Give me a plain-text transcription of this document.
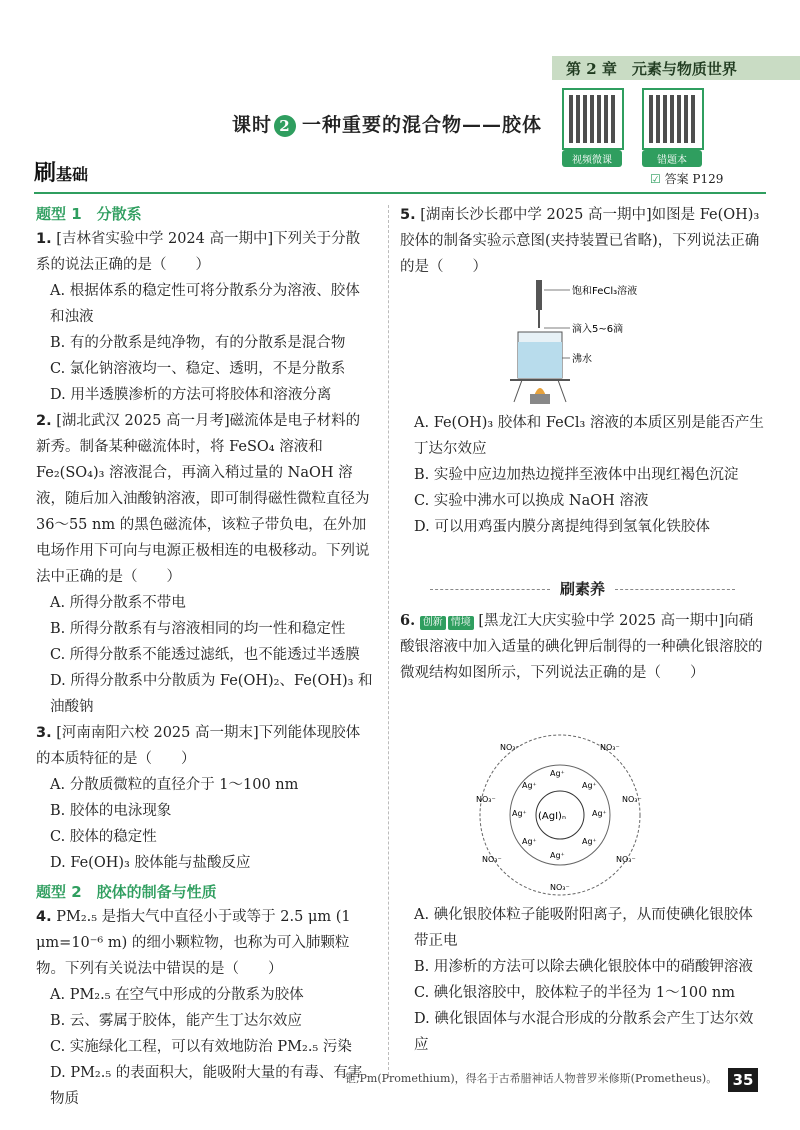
第 2 章　元素与物质世界
课时 2 一种重要的混合物——胶体
视频微课	错题本
刷基础	☑ 答案 P129
题型 1　分散系
1. [吉林省实验中学 2024 高一期中]下列关于分散系的说法正确的是（　　）
A. 根据体系的稳定性可将分散系分为溶液、胶体和浊液
B. 有的分散系是纯净物，有的分散系是混合物
C. 氯化钠溶液均一、稳定、透明，不是分散系
D. 用半透膜渗析的方法可将胶体和溶液分离
2. [湖北武汉 2025 高一月考]磁流体是电子材料的新秀。制备某种磁流体时，将 FeSO₄ 溶液和 Fe₂(SO₄)₃ 溶液混合，再滴入稍过量的 NaOH 溶液，随后加入油酸钠溶液，即可制得磁性微粒直径为 36～55 nm 的黑色磁流体，该粒子带负电，在外加电场作用下可向与电源正极相连的电极移动。下列说法中正确的是（　　）
A. 所得分散系不带电
B. 所得分散系有与溶液相同的均一性和稳定性
C. 所得分散系不能透过滤纸，也不能透过半透膜
D. 所得分散系中分散质为 Fe(OH)₂、Fe(OH)₃ 和油酸钠
3. [河南南阳六校 2025 高一期末]下列能体现胶体的本质特征的是（　　）
A. 分散质微粒的直径介于 1～100 nm
B. 胶体的电泳现象
C. 胶体的稳定性
D. Fe(OH)₃ 胶体能与盐酸反应
题型 2　胶体的制备与性质
4. PM₂.₅ 是指大气中直径小于或等于 2.5 μm (1 μm=10⁻⁶ m) 的细小颗粒物，也称为可入肺颗粒物。下列有关说法中错误的是（　　）
A. PM₂.₅ 在空气中形成的分散系为胶体
B. 云、雾属于胶体，能产生丁达尔效应
C. 实施绿化工程，可以有效地防治 PM₂.₅ 污染
D. PM₂.₅ 的表面积大，能吸附大量的有毒、有害物质
5. [湖南长沙长郡中学 2025 高一期中]如图是 Fe(OH)₃ 胶体的制备实验示意图(夹持装置已省略)，下列说法正确的是（　　）
饱和FeCl₃溶液
滴入5~6滴
沸水
A. Fe(OH)₃ 胶体和 FeCl₃ 溶液的本质区别是能否产生丁达尔效应
B. 实验中应边加热边搅拌至液体中出现红褐色沉淀
C. 实验中沸水可以换成 NaOH 溶液
D. 可以用鸡蛋内膜分离提纯得到氢氧化铁胶体
刷素养
6. 创新 情境 [黑龙江大庆实验中学 2025 高一期中]向硝酸银溶液中加入适量的碘化钾后制得的一种碘化银溶胶的微观结构如图所示，下列说法正确的是（　　）
(AgI)ₙ
Ag⁺
Ag⁺	Ag⁺
Ag⁺	Ag⁺
Ag⁺	Ag⁺
Ag⁺
NO₃⁻	NO₃⁻
NO₃⁻	NO₃⁻
NO₃⁻	NO₃⁻
NO₃⁻
A. 碘化银胶体粒子能吸附阳离子，从而使碘化银胶体带正电
B. 用渗析的方法可以除去碘化银胶体中的硝酸钾溶液
C. 碘化银溶胶中，胶体粒子的半径为 1～100 nm
D. 碘化银固体与水混合形成的分散系会产生丁达尔效应
钷,Pm(Promethium)，得名于古希腊神话人物普罗米修斯(Prometheus)。	35
